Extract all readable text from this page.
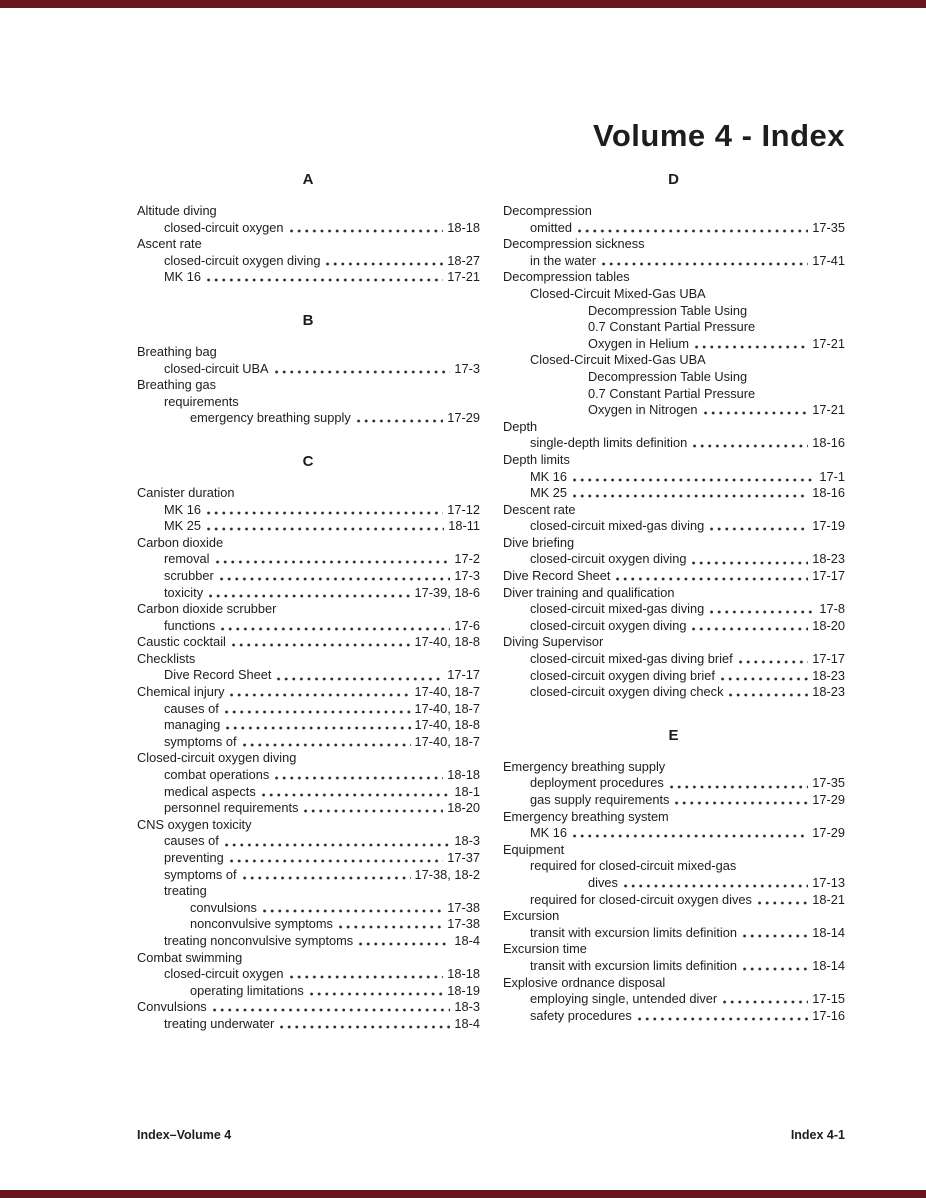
Volume 4 - Index
A
Altitude diving
closed-circuit oxygen	18-18
Ascent rate
closed-circuit oxygen diving	18-27
MK 16	17-21
B
Breathing bag
closed-circuit UBA	17-3
Breathing gas
requirements
emergency breathing supply	17-29
C
Canister duration
MK 16	17-12
MK 25	18-11
Carbon dioxide
removal	17-2
scrubber	17-3
toxicity	17-39, 18-6
Carbon dioxide scrubber
functions	17-6
Caustic cocktail	17-40, 18-8
Checklists
Dive Record Sheet	17-17
Chemical injury	17-40, 18-7
causes of	17-40, 18-7
managing	17-40, 18-8
symptoms of	17-40, 18-7
Closed-circuit oxygen diving
combat operations	18-18
medical aspects	18-1
personnel requirements	18-20
CNS oxygen toxicity
causes of	18-3
preventing	17-37
symptoms of	17-38, 18-2
treating
convulsions	17-38
nonconvulsive symptoms	17-38
treating nonconvulsive symptoms	18-4
Combat swimming
closed-circuit oxygen	18-18
operating limitations	18-19
Convulsions	18-3
treating underwater	18-4
D
Decompression
omitted	17-35
Decompression sickness
in the water	17-41
Decompression tables
Closed-Circuit Mixed-Gas UBA
Decompression Table Using
0.7 Constant Partial Pressure
Oxygen in Helium	17-21
Closed-Circuit Mixed-Gas UBA
Decompression Table Using
0.7 Constant Partial Pressure
Oxygen in Nitrogen	17-21
Depth
single-depth limits definition	18-16
Depth limits
MK 16	17-1
MK 25	18-16
Descent rate
closed-circuit mixed-gas diving	17-19
Dive briefing
closed-circuit oxygen diving	18-23
Dive Record Sheet	17-17
Diver training and qualification
closed-circuit mixed-gas diving	17-8
closed-circuit oxygen diving	18-20
Diving Supervisor
closed-circuit mixed-gas diving brief	17-17
closed-circuit oxygen diving brief	18-23
closed-circuit oxygen diving check	18-23
E
Emergency breathing supply
deployment procedures	17-35
gas supply requirements	17-29
Emergency breathing system
MK 16	17-29
Equipment
required for closed-circuit mixed-gas
dives	17-13
required for closed-circuit oxygen dives	18-21
Excursion
transit with excursion limits definition	18-14
Excursion time
transit with excursion limits definition	18-14
Explosive ordnance disposal
employing single, untended diver	17-15
safety procedures	17-16
Index–Volume 4	Index 4-1
